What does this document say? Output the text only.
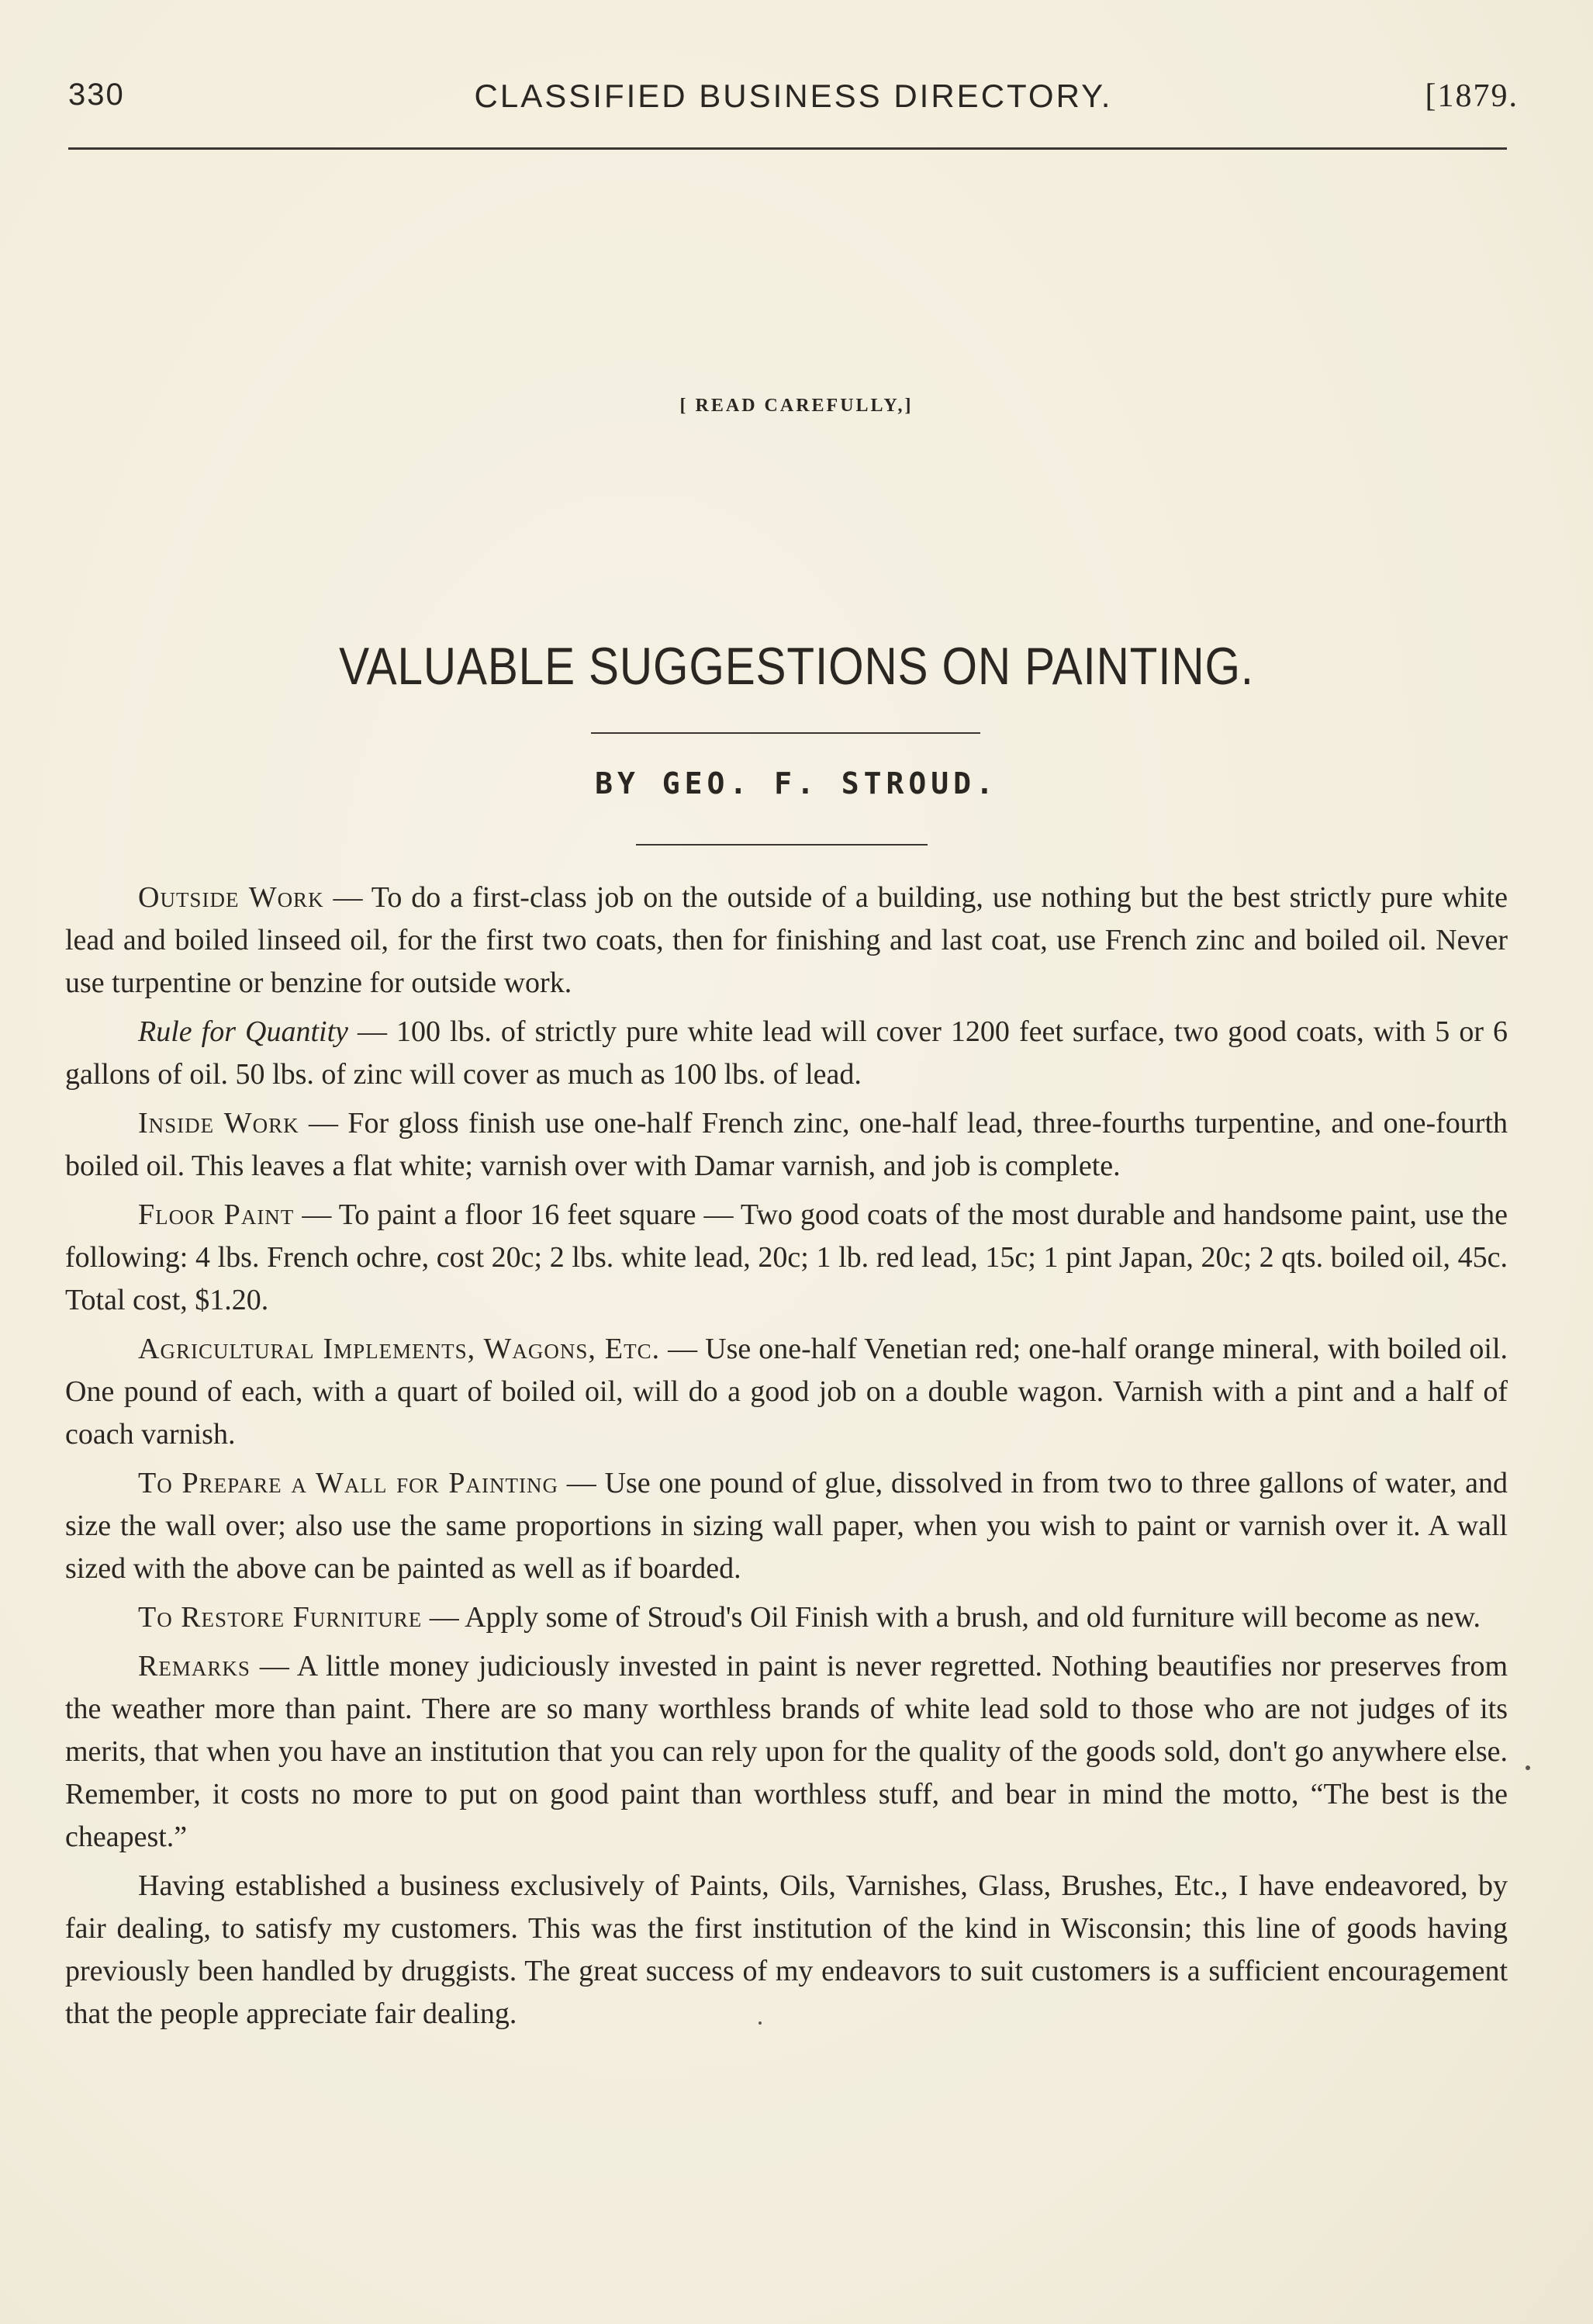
330	CLASSIFIED BUSINESS DIRECTORY.	[1879.
[ READ CAREFULLY,]
VALUABLE SUGGESTIONS ON PAINTING.
BY GEO. F. STROUD.

Outside Work — To do a first-class job on the outside of a building, use nothing but the best strictly pure white lead and boiled linseed oil, for the first two coats, then for finishing and last coat, use French zinc and boiled oil. Never use turpentine or benzine for outside work.

Rule for Quantity — 100 lbs. of strictly pure white lead will cover 1200 feet surface, two good coats, with 5 or 6 gallons of oil. 50 lbs. of zinc will cover as much as 100 lbs. of lead.

Inside Work — For gloss finish use one-half French zinc, one-half lead, three-fourths turpentine, and one-fourth boiled oil. This leaves a flat white; varnish over with Damar varnish, and job is complete.

Floor Paint — To paint a floor 16 feet square — Two good coats of the most durable and handsome paint, use the following: 4 lbs. French ochre, cost 20c; 2 lbs. white lead, 20c; 1 lb. red lead, 15c; 1 pint Japan, 20c; 2 qts. boiled oil, 45c. Total cost, $1.20.

Agricultural Implements, Wagons, Etc. — Use one-half Venetian red; one-half orange mineral, with boiled oil. One pound of each, with a quart of boiled oil, will do a good job on a double wagon. Varnish with a pint and a half of coach varnish.

To Prepare a Wall for Painting — Use one pound of glue, dissolved in from two to three gallons of water, and size the wall over; also use the same proportions in sizing wall paper, when you wish to paint or varnish over it. A wall sized with the above can be painted as well as if boarded.

To Restore Furniture — Apply some of Stroud's Oil Finish with a brush, and old furniture will become as new.

Remarks — A little money judiciously invested in paint is never regretted. Nothing beautifies nor preserves from the weather more than paint. There are so many worthless brands of white lead sold to those who are not judges of its merits, that when you have an institution that you can rely upon for the quality of the goods sold, don't go anywhere else. Remember, it costs no more to put on good paint than worthless stuff, and bear in mind the motto, “The best is the cheapest.”

Having established a business exclusively of Paints, Oils, Varnishes, Glass, Brushes, Etc., I have endeavored, by fair dealing, to satisfy my customers. This was the first institution of the kind in Wisconsin; this line of goods having previously been handled by druggists. The great success of my endeavors to suit customers is a sufficient encouragement that the people appreciate fair dealing.
